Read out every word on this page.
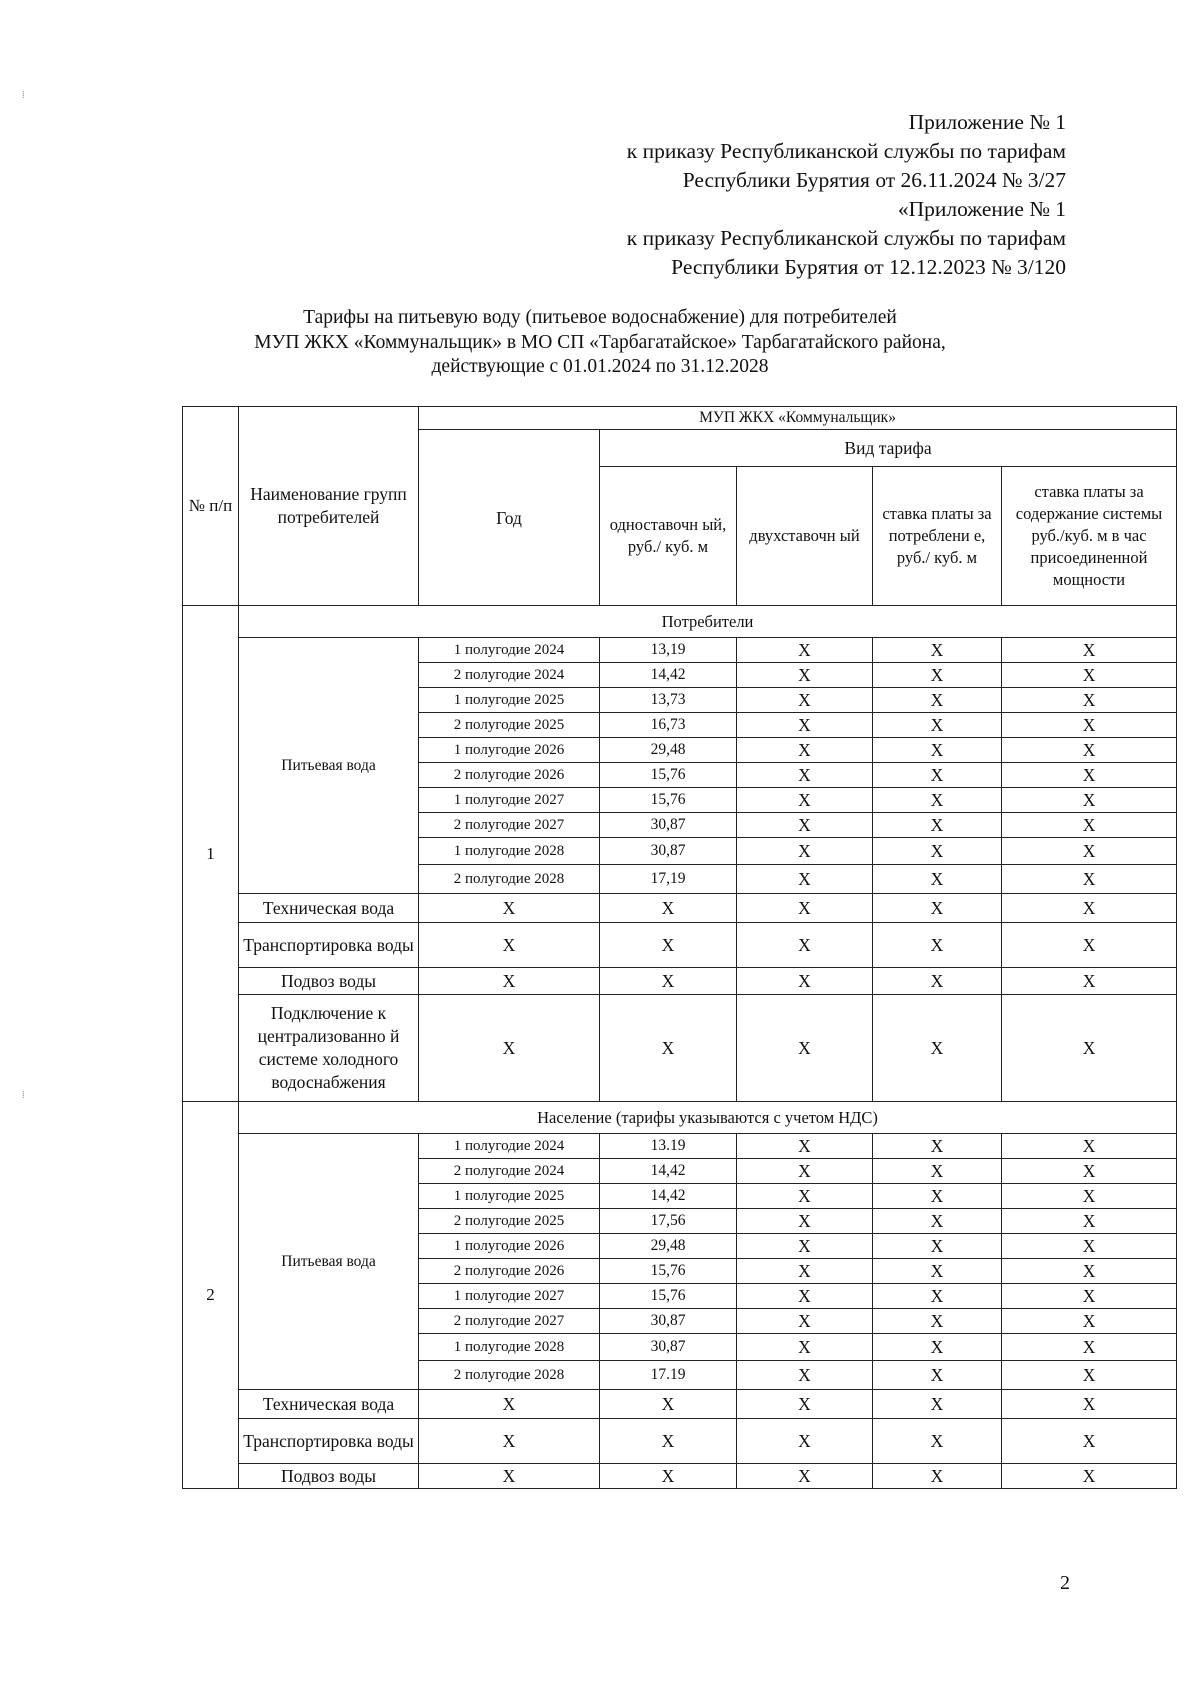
Приложение № 1
к приказу Республиканской службы по тарифам
Республики Бурятия от 26.11.2024 № 3/27
«Приложение № 1
к приказу Республиканской службы по тарифам
Республики Бурятия от 12.12.2023 № 3/120
Тарифы на питьевую воду (питьевое водоснабжение) для потребителей
МУП ЖКХ «Коммунальщик» в МО СП «Тарбагатайское» Тарбагатайского района,
действующие с 01.01.2024 по 31.12.2028
№ п/п	Наименование групп потребителей	МУП ЖКХ «Коммунальщик»				
		Год	Вид тарифа			
			одноставочн ый, руб./ куб. м	двухставочн ый	ставка платы за потреблени е, руб./ куб. м	ставка платы за содержание системы руб./куб. м в час присоединенной мощности
1	Потребители					
	Питьевая вода	1 полугодие 2024	13,19	X	X	X
		2 полугодие 2024	14,42	X	X	X
		1 полугодие 2025	13,73	X	X	X
		2 полугодие 2025	16,73	X	X	X
		1 полугодие 2026	29,48	X	X	X
		2 полугодие 2026	15,76	X	X	X
		1 полугодие 2027	15,76	X	X	X
		2 полугодие 2027	30,87	X	X	X
		1 полугодие 2028	30,87	X	X	X
		2 полугодие 2028	17,19	X	X	X
	Техническая вода	X	X	X	X	X
	Транспортировка воды	X	X	X	X	X
	Подвоз воды	X	X	X	X	X
	Подключение к централизованно й системе холодного водоснабжения	X	X	X	X	X
2	Население (тарифы указываются с учетом НДС)					
	Питьевая вода	1 полугодие 2024	13.19	X	X	X
		2 полугодие 2024	14,42	X	X	X
		1 полугодие 2025	14,42	X	X	X
		2 полугодие 2025	17,56	X	X	X
		1 полугодие 2026	29,48	X	X	X
		2 полугодие 2026	15,76	X	X	X
		1 полугодие 2027	15,76	X	X	X
		2 полугодие 2027	30,87	X	X	X
		1 полугодие 2028	30,87	X	X	X
		2 полугодие 2028	17.19	X	X	X
	Техническая вода	X	X	X	X	X
	Транспортировка воды	X	X	X	X	X
	Подвоз воды	X	X	X	X	X
2
⁞
⁞
